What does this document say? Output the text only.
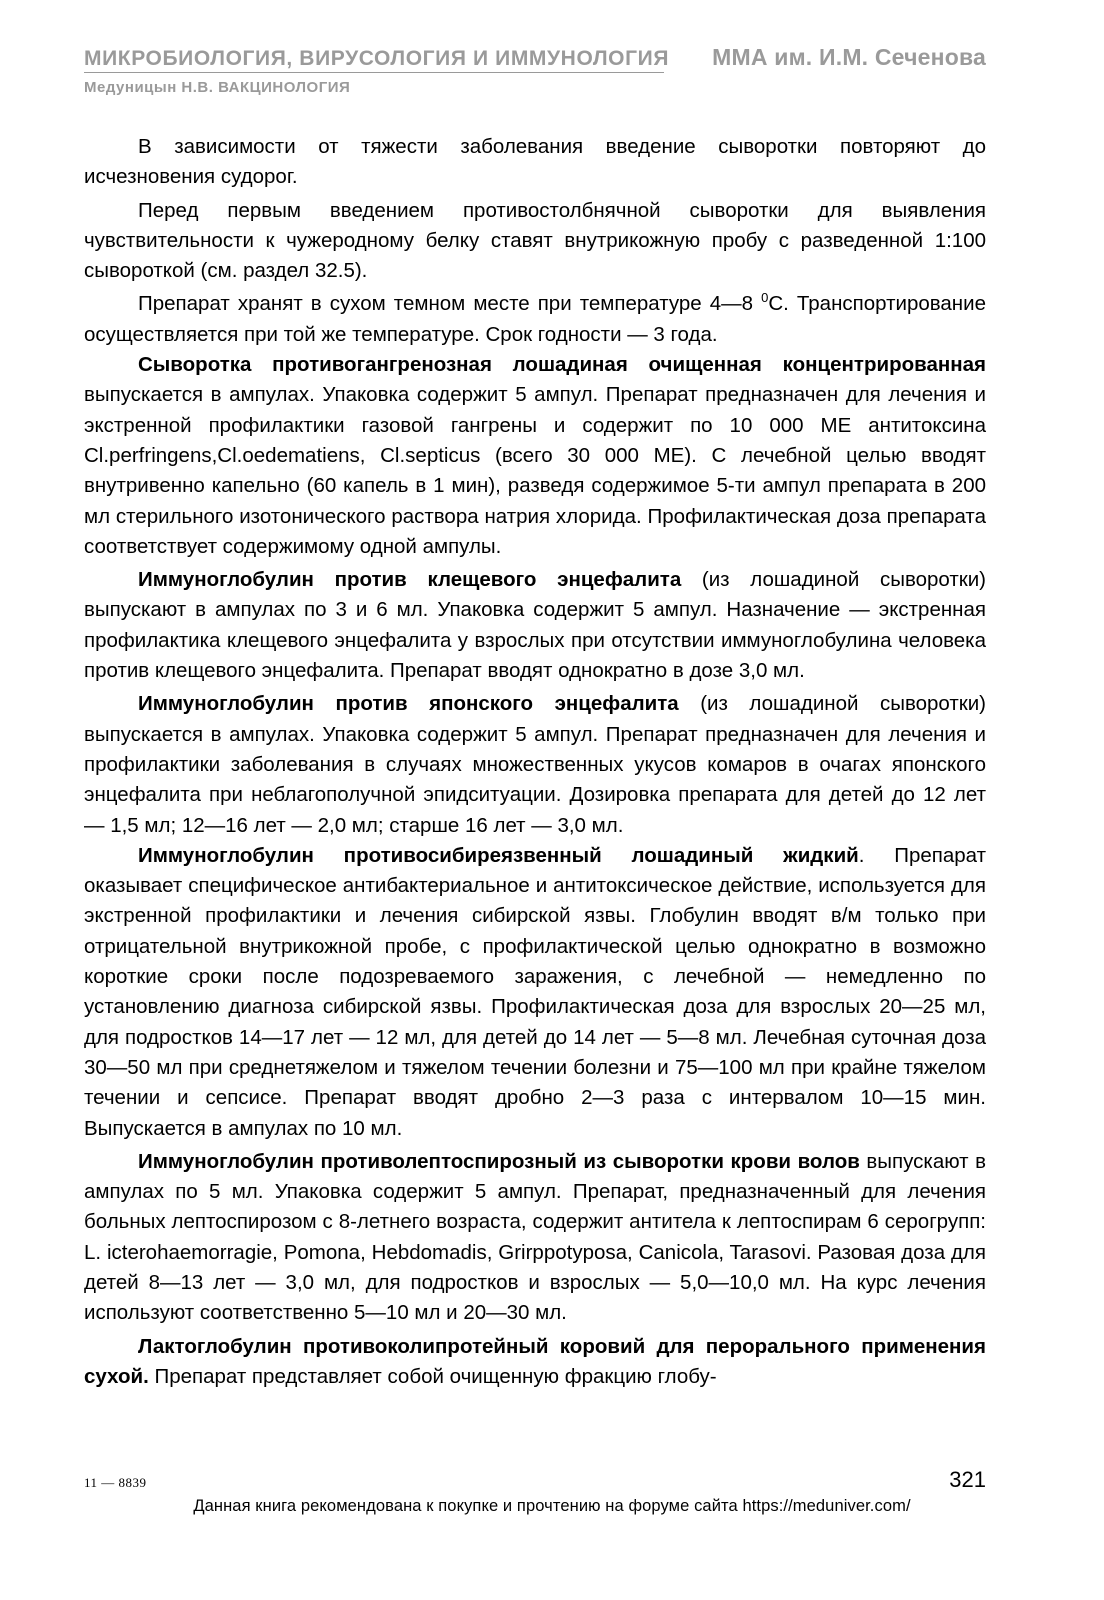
МИКРОБИОЛОГИЯ, ВИРУСОЛОГИЯ И ИММУНОЛОГИЯ ММА им. И.М. Сеченова
Медуницын Н.В. ВАКЦИНОЛОГИЯ

В зависимости от тяжести заболевания введение сыворотки повторяют до исчезновения судорог.

Перед первым введением противостолбнячной сыворотки для выявления чувствительности к чужеродному белку ставят внутрикожную пробу с разведенной 1:100 сывороткой (см. раздел 32.5).

Препарат хранят в сухом темном месте при температуре 4—8 $^0$С. Транспортирование осуществляется при той же температуре. Срок годности — 3 года.

Сыворотка противогангренозная лошадиная очищенная концентрированная выпускается в ампулах. Упаковка содержит 5 ампул. Препарат предназначен для лечения и экстренной профилактики газовой гангрены и содержит по 10 000 МЕ антитоксина Cl.perfringens,Cl.oedematiens, Cl.septicus (всего 30 000 МЕ). С лечебной целью вводят внутривенно капельно (60 капель в 1 мин), разведя содержимое 5-ти ампул препарата в 200 мл стерильного изотонического раствора натрия хлорида. Профилактическая доза препарата соответствует содержимому одной ампулы.

Иммуноглобулин против клещевого энцефалита (из лошадиной сыворотки) выпускают в ампулах по 3 и 6 мл. Упаковка содержит 5 ампул. Назначение — экстренная профилактика клещевого энцефалита у взрослых при отсутствии иммуноглобулина человека против клещевого энцефалита. Препарат вводят однократно в дозе 3,0 мл.

Иммуноглобулин против японского энцефалита (из лошадиной сыворотки) выпускается в ампулах. Упаковка содержит 5 ампул. Препарат предназначен для лечения и профилактики заболевания в случаях множественных укусов комаров в очагах японского энцефалита при неблагополучной эпидситуации. Дозировка препарата для детей до 12 лет — 1,5 мл; 12—16 лет — 2,0 мл; старше 16 лет — 3,0 мл.

Иммуноглобулин противосибиреязвенный лошадиный жидкий. Препарат оказывает специфическое антибактериальное и антитоксическое действие, используется для экстренной профилактики и лечения сибирской язвы. Глобулин вводят в/м только при отрицательной внутрикожной пробе, с профилактической целью однократно в возможно короткие сроки после подозреваемого заражения, с лечебной — немедленно по установлению диагноза сибирской язвы. Профилактическая доза для взрослых 20—25 мл, для подростков 14—17 лет — 12 мл, для детей до 14 лет — 5—8 мл. Лечебная суточная доза 30—50 мл при среднетяжелом и тяжелом течении болезни и 75—100 мл при крайне тяжелом течении и сепсисе. Препарат вводят дробно 2—3 раза с интервалом 10—15 мин. Выпускается в ампулах по 10 мл.

Иммуноглобулин противолептоспирозный из сыворотки крови волов выпускают в ампулах по 5 мл. Упаковка содержит 5 ампул. Препарат, предназначенный для лечения больных лептоспирозом с 8-летнего возраста, содержит антитела к лептоспирам 6 серогрупп: L. icterohaemorragie, Pomona, Hebdomadis, Grirppotyposa, Canicola, Tarasovi. Разовая доза для детей 8—13 лет — 3,0 мл, для подростков и взрослых — 5,0—10,0 мл. На курс лечения используют соответственно 5—10 мл и 20—30 мл.

Лактоглобулин противоколипротейный коровий для перорального применения сухой. Препарат представляет собой очищенную фракцию глобу-

11 — 8839	321
Данная книга рекомендована к покупке и прочтению на форуме сайта https://meduniver.com/
